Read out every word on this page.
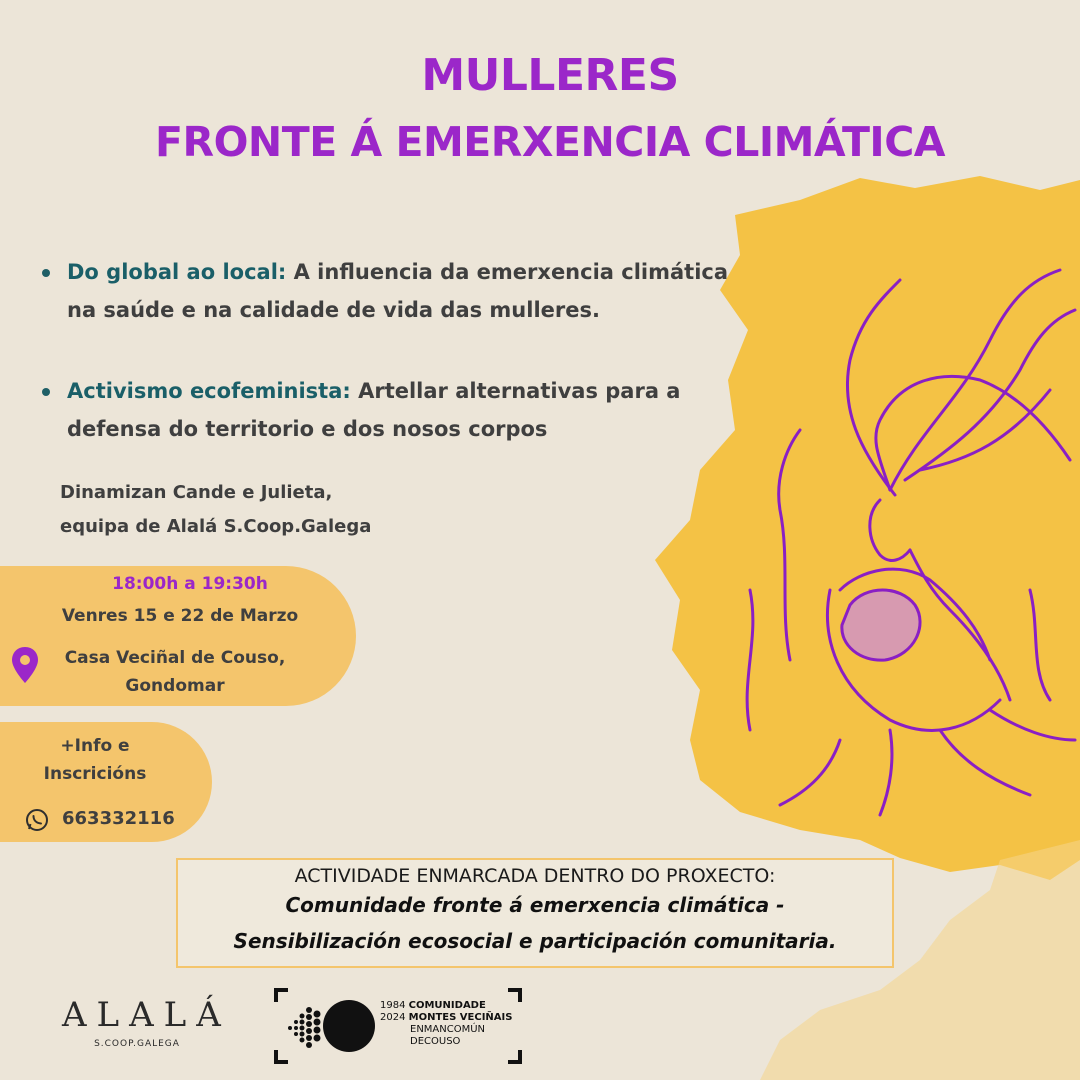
MULLERES
FRONTE Á EMERXENCIA CLIMÁTICA
Do global ao local: A influencia da emerxencia climática na saúde e na calidade de vida das mulleres.
Activismo ecofeminista: Artellar alternativas para a defensa do territorio e dos nosos corpos
Dinamizan Cande e Julieta,
equipa de Alalá S.Coop.Galega
18:00h a 19:30h
Venres 15 e 22 de Marzo
Casa Veciñal de Couso,
Gondomar
+Info e
Inscricións
663332116
ACTIVIDADE ENMARCADA DENTRO DO PROXECTO:
Comunidade fronte á emerxencia climática -
Sensibilización ecosocial e participación comunitaria.
ALALÁ
S.COOP.GALEGA
1984 COMUNIDADE
2024 MONTES VECIÑAIS
ENMANCOMÚN
DECOUSO
